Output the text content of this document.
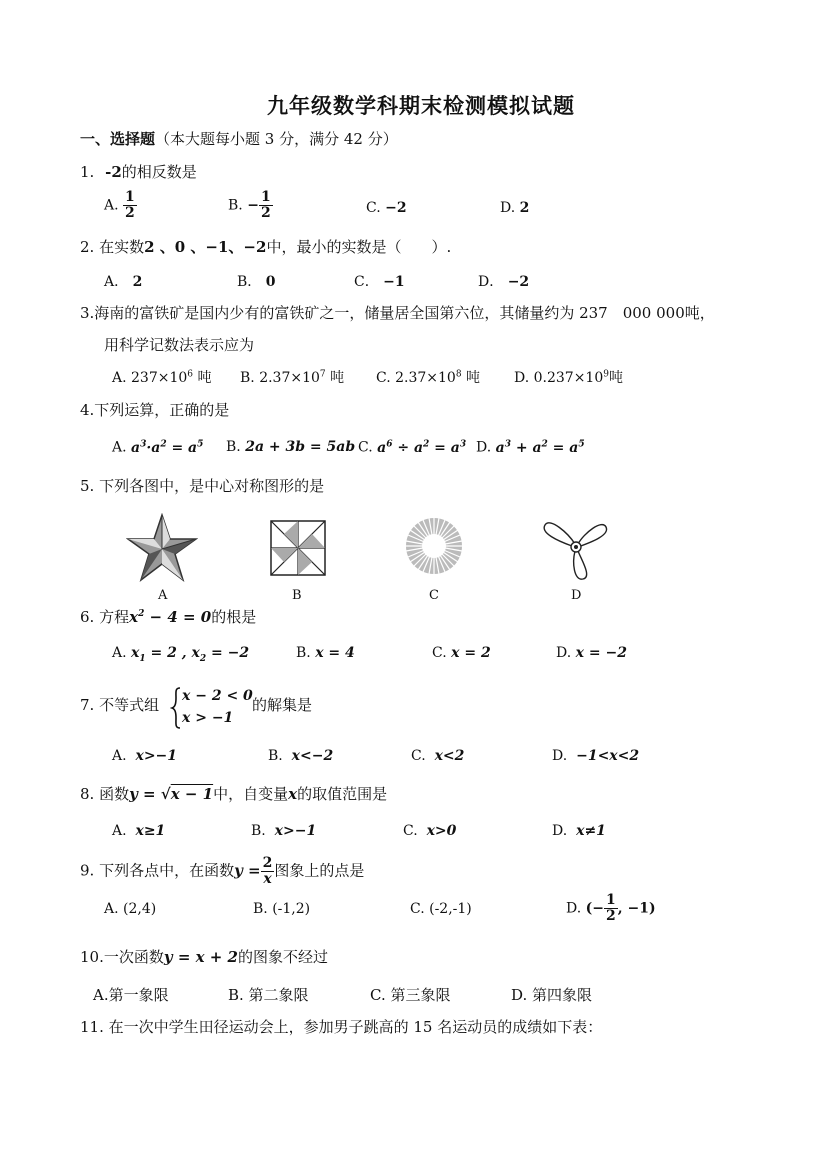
九年级数学科期末检测模拟试题
一、选择题（本大题每小题 3 分，满分 42 分）
1. -2的相反数是
A. $\frac{1}{2}$	B. − $\frac{1}{2}$	C. −2	D. 2
2. 在实数2 、0 、−1、−2中，最小的实数是（　　）.
A． 2	B． 0	C． −1	D． −2
3.海南的富铁矿是国内少有的富铁矿之一，储量居全国第六位，其储量约为 237　000 000吨，
用科学记数法表示应为
A. $237\times 10^6$ 吨 B. $2.37\times 10^7$ 吨 C. $2.37\times 10^8$ 吨 D. $0.237\times 10^9$吨
4.下列运算，正确的是
A. $a^3\cdot a^2 = a^5$ B. 2a + 3b = 5ab C. $a^6 \div a^2 = a^3$ D. $a^3 + a^2 = a^5$
5. 下列各图中，是中心对称图形的是
A	B	C	D
6. 方程$x^2 - 4 = 0$的根是
A. $x_1 = 2$ , $x_2 = -2$	B. x = 4	C. x = 2	D. x = −2
7. 不等式组 x − 2 < 0
x > −1
的解集是
A. x>−1	B. x<−2	C. x<2	D. −1<x<2
8. 函数y = √x − 1中，自变量x的取值范围是
A. x≥1	B. x>−1	C. x>0	D. x≠1
9. 下列各点中，在函数$y = \frac{2}{x}$ 图象上的点是
A. (2,4)	B. (-1,2)	C. (-2,-1)	D. (− $\frac{1}{2}$ , −1)
10.一次函数y = x + 2的图象不经过
A.第一象限	B. 第二象限	C. 第三象限	D. 第四象限
11. 在一次中学生田径运动会上，参加男子跳高的 15 名运动员的成绩如下表：
